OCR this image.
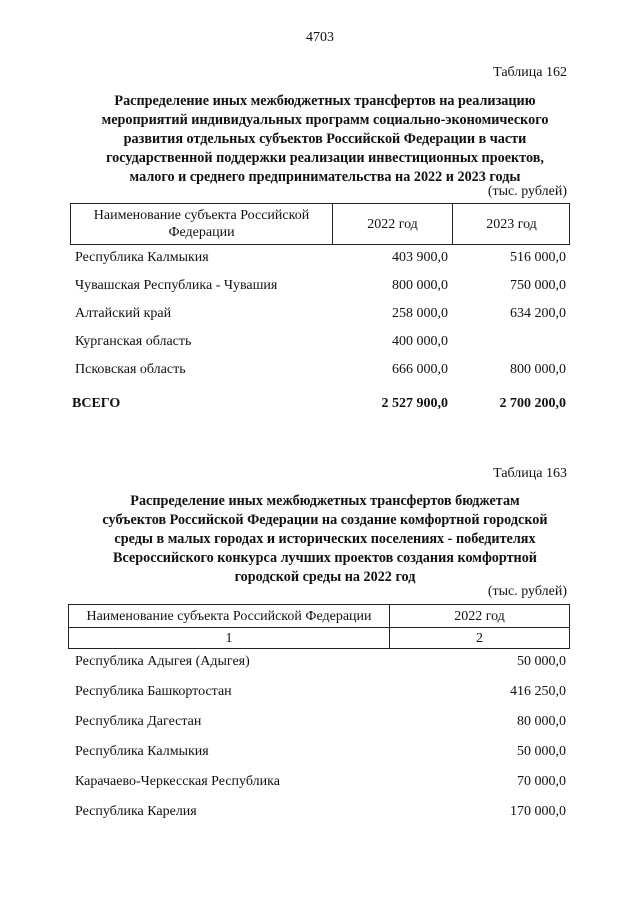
4703
Таблица 162
Распределение иных межбюджетных трансфертов на реализацию
мероприятий индивидуальных программ социально-экономического
развития отдельных субъектов Российской Федерации в части
государственной поддержки реализации инвестиционных проектов,
малого и среднего предпринимательства на 2022 и 2023 годы
(тыс. рублей)
Наименование субъекта Российской
Федерации
2022 год	2023 год
Республика Калмыкия	403 900,0	516 000,0
Чувашская Республика - Чувашия	800 000,0	750 000,0
Алтайский край	258 000,0	634 200,0
Курганская область	400 000,0
Псковская область	666 000,0	800 000,0
ВСЕГО	2 527 900,0	2 700 200,0
Таблица 163
Распределение иных межбюджетных трансфертов бюджетам
субъектов Российской Федерации на создание комфортной городской
среды в малых городах и исторических поселениях - победителях
Всероссийского конкурса лучших проектов создания комфортной
городской среды на 2022 год
(тыс. рублей)
Наименование субъекта Российской Федерации	2022 год
1	2
Республика Адыгея (Адыгея)	50 000,0
Республика Башкортостан	416 250,0
Республика Дагестан	80 000,0
Республика Калмыкия	50 000,0
Карачаево-Черкесская Республика	70 000,0
Республика Карелия	170 000,0
